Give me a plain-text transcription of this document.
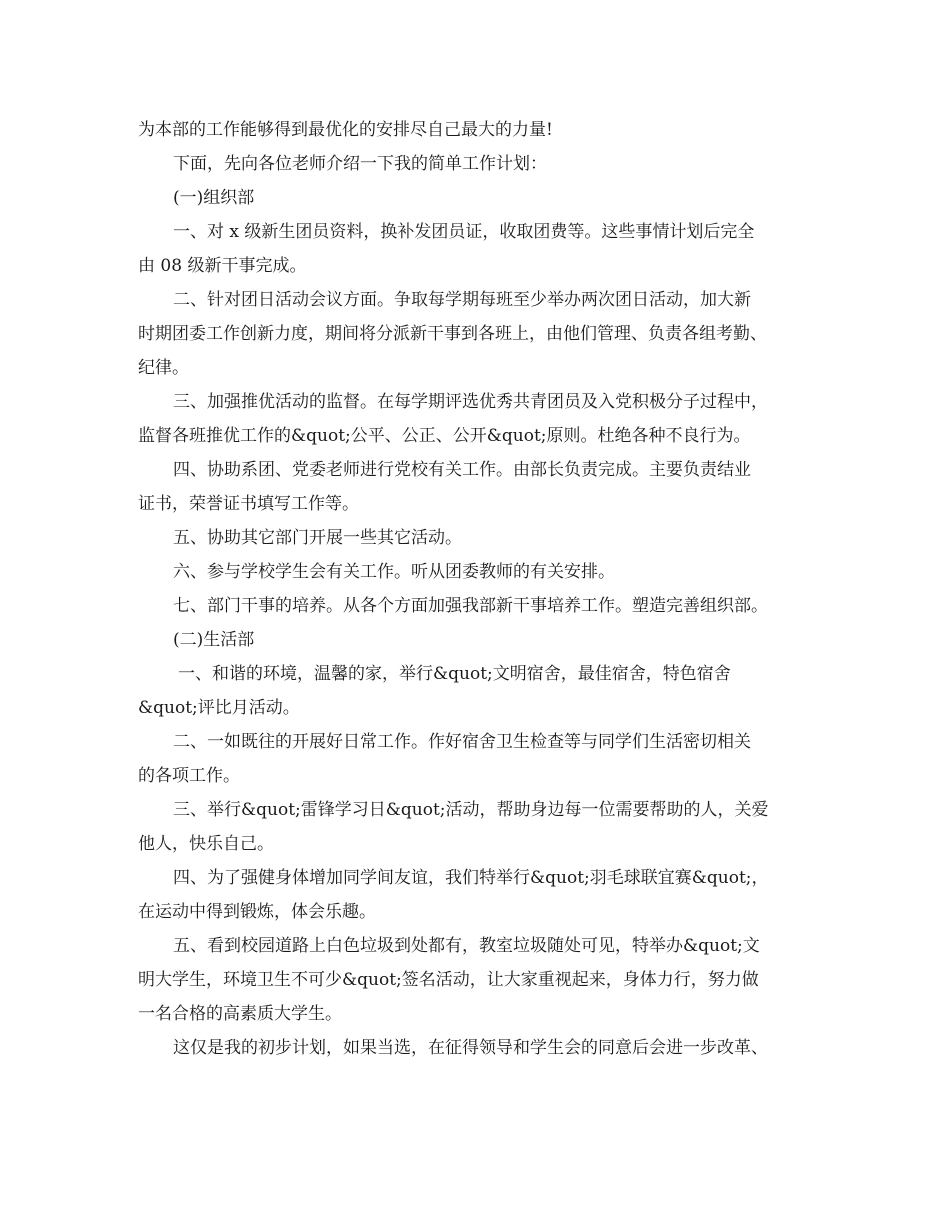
为本部的工作能够得到最优化的安排尽自己最大的力量!

下面，先向各位老师介绍一下我的简单工作计划：

(一)组织部

一、对 x 级新生团员资料，换补发团员证，收取团费等。这些事情计划后完全

由 08 级新干事完成。

二、针对团日活动会议方面。争取每学期每班至少举办两次团日活动，加大新

时期团委工作创新力度，期间将分派新干事到各班上，由他们管理、负责各组考勤、

纪律。

三、加强推优活动的监督。在每学期评选优秀共青团员及入党积极分子过程中，

监督各班推优工作的&quot;公平、公正、公开&quot;原则。杜绝各种不良行为。

四、协助系团、党委老师进行党校有关工作。由部长负责完成。主要负责结业

证书，荣誉证书填写工作等。

五、协助其它部门开展一些其它活动。

六、参与学校学生会有关工作。听从团委教师的有关安排。

七、部门干事的培养。从各个方面加强我部新干事培养工作。塑造完善组织部。

(二)生活部

一、和谐的环境，温馨的家，举行&quot;文明宿舍，最佳宿舍，特色宿舍

&quot;评比月活动。

二、一如既往的开展好日常工作。作好宿舍卫生检查等与同学们生活密切相关

的各项工作。

三、举行&quot;雷锋学习日&quot;活动，帮助身边每一位需要帮助的人，关爱

他人，快乐自己。

四、为了强健身体增加同学间友谊，我们特举行&quot;羽毛球联宜赛&quot;，

在运动中得到锻炼，体会乐趣。

五、看到校园道路上白色垃圾到处都有，教室垃圾随处可见，特举办&quot;文

明大学生，环境卫生不可少&quot;签名活动，让大家重视起来，身体力行，努力做

一名合格的高素质大学生。

这仅是我的初步计划，如果当选，在征得领导和学生会的同意后会进一步改革、
